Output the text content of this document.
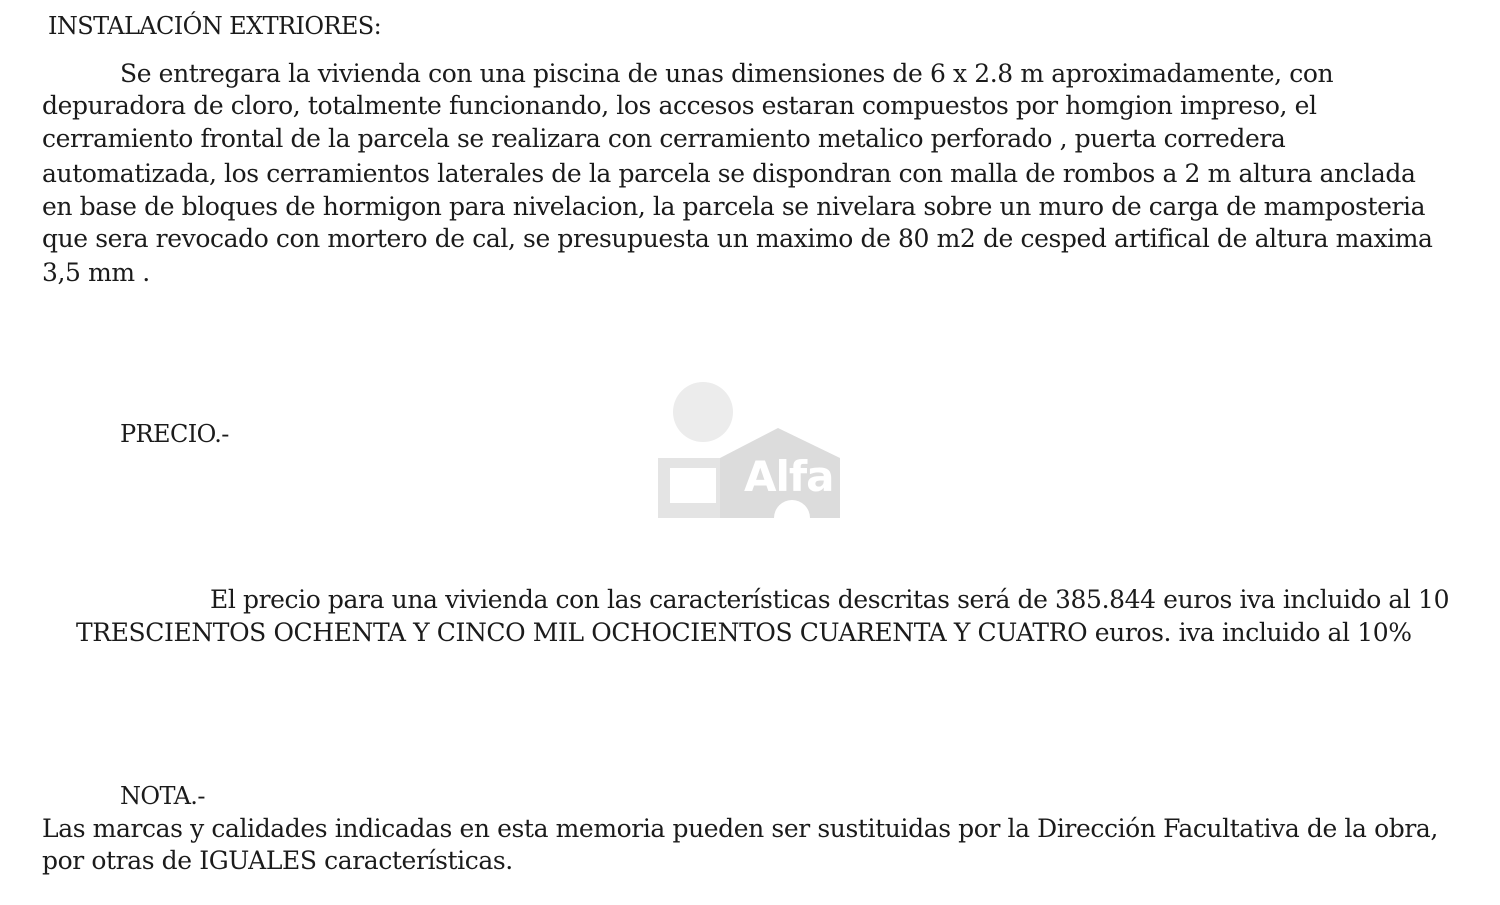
INSTALACIÓN EXTRIORES:
Se entregara la vivienda con una piscina de unas dimensiones de 6 x 2.8 m aproximadamente, con
depuradora de cloro, totalmente funcionando, los accesos estaran compuestos por homgion impreso, el
cerramiento frontal de la parcela se realizara con cerramiento metalico perforado , puerta corredera
automatizada, los cerramientos laterales de la parcela se dispondran con malla de rombos a 2 m altura anclada
en base de bloques de hormigon para nivelacion, la parcela se nivelara sobre un muro de carga de mamposteria
que sera revocado con mortero de cal, se presupuesta un maximo de 80 m2 de cesped artifical de altura maxima
3,5 mm .
PRECIO.-
El precio para una vivienda con las características descritas será de 385.844 euros iva incluido al 10
TRESCIENTOS OCHENTA Y CINCO MIL OCHOCIENTOS CUARENTA Y CUATRO euros. iva incluido al 10%
NOTA.-
Las marcas y calidades indicadas en esta memoria pueden ser sustituidas por la Dirección Facultativa de la obra,
por otras de IGUALES características.
Alfa
